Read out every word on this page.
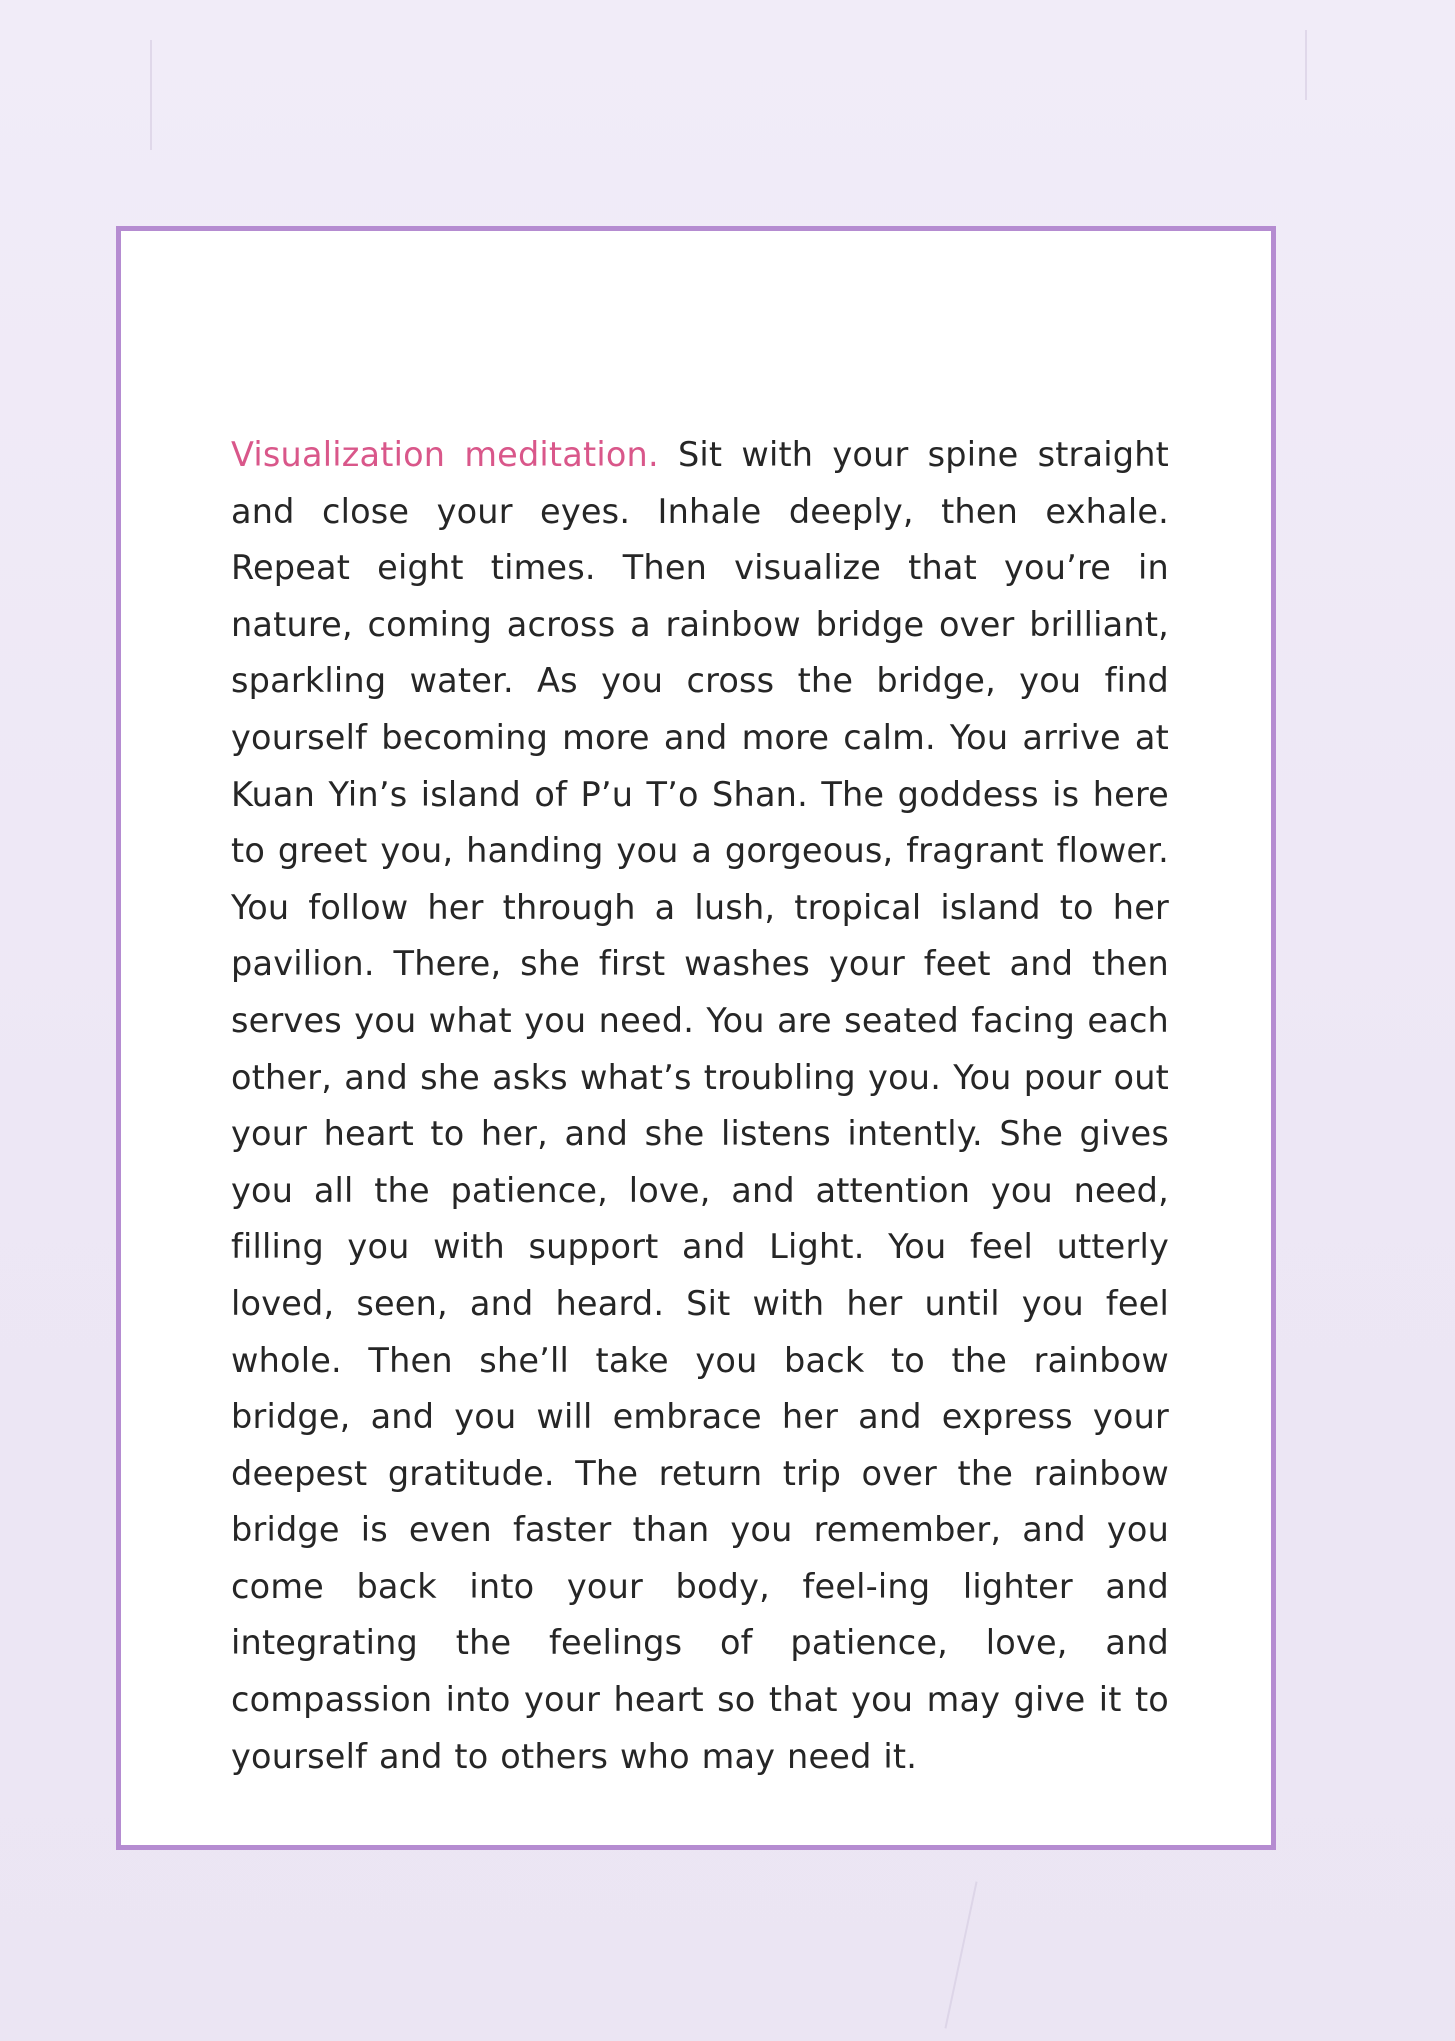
Visualization meditation. Sit with your spine straight and close your eyes. Inhale deeply, then exhale. Repeat eight times. Then visualize that you’re in nature, coming across a rainbow bridge over brilliant, sparkling water. As you cross the bridge, you find yourself becoming more and more calm. You arrive at Kuan Yin’s island of P’u T’o Shan. The goddess is here to greet you, handing you a gorgeous, fragrant flower. You follow her through a lush, tropical island to her pavilion. There, she first washes your feet and then serves you what you need. You are seated facing each other, and she asks what’s troubling you. You pour out your heart to her, and she listens intently. She gives you all the patience, love, and attention you need, filling you with support and Light. You feel utterly loved, seen, and heard. Sit with her until you feel whole. Then she’ll take you back to the rainbow bridge, and you will embrace her and express your deepest gratitude. The return trip over the rainbow bridge is even faster than you remember, and you come back into your body, feel-ing lighter and integrating the feelings of patience, love, and compassion into your heart so that you may give it to yourself and to others who may need it.
